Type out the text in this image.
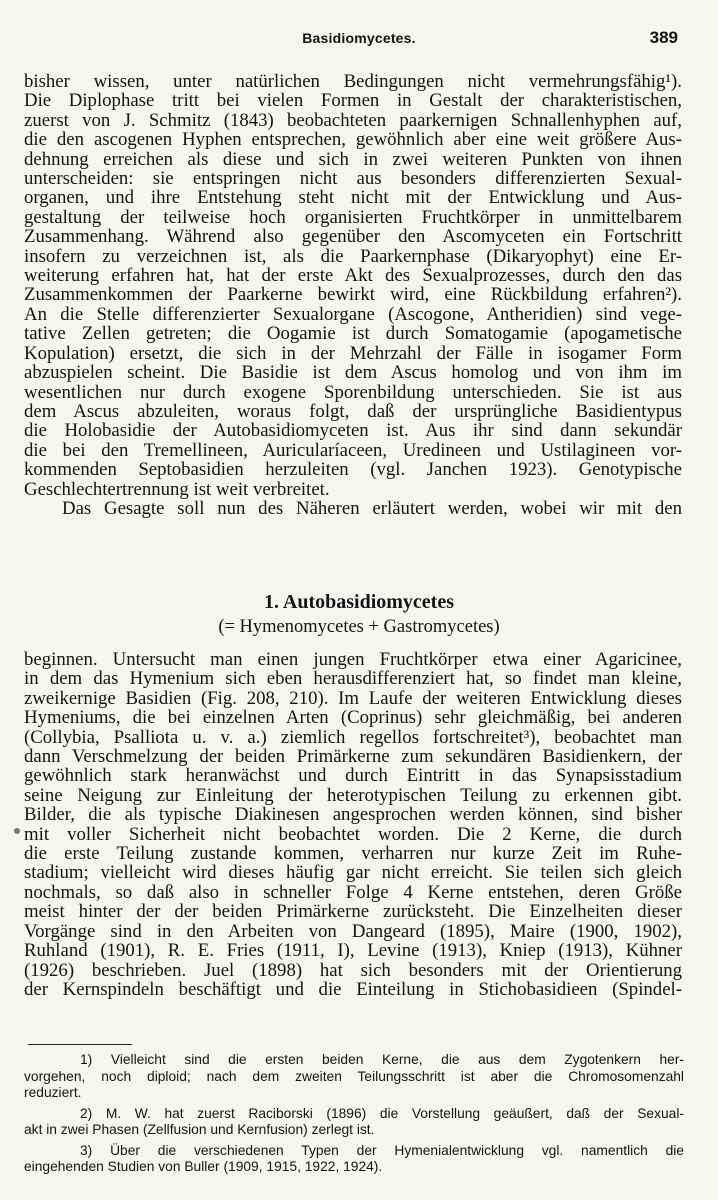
Basidiomycetes.	389
bisher wissen, unter natürlichen Bedingungen nicht vermehrungsfähig¹).
Die Diplophase tritt bei vielen Formen in Gestalt der charakteristischen,
zuerst von J. Schmitz (1843) beobachteten paarkernigen Schnallenhyphen auf,
die den ascogenen Hyphen entsprechen, gewöhnlich aber eine weit größere Aus-
dehnung erreichen als diese und sich in zwei weiteren Punkten von ihnen
unterscheiden: sie entspringen nicht aus besonders differenzierten Sexual-
organen, und ihre Entstehung steht nicht mit der Entwicklung und Aus-
gestaltung der teilweise hoch organisierten Fruchtkörper in unmittelbarem
Zusammenhang. Während also gegenüber den Ascomyceten ein Fortschritt
insofern zu verzeichnen ist, als die Paarkernphase (Dikaryophyt) eine Er-
weiterung erfahren hat, hat der erste Akt des Sexualprozesses, durch den das
Zusammenkommen der Paarkerne bewirkt wird, eine Rückbildung erfahren²).
An die Stelle differenzierter Sexualorgane (Ascogone, Antheridien) sind vege-
tative Zellen getreten; die Oogamie ist durch Somatogamie (apogametische
Kopulation) ersetzt, die sich in der Mehrzahl der Fälle in isogamer Form
abzuspielen scheint. Die Basidie ist dem Ascus homolog und von ihm im
wesentlichen nur durch exogene Sporenbildung unterschieden. Sie ist aus
dem Ascus abzuleiten, woraus folgt, daß der ursprüngliche Basidientypus
die Holobasidie der Autobasidiomyceten ist. Aus ihr sind dann sekundär
die bei den Tremellineen, Auricularíaceen, Uredineen und Ustilagineen vor-
kommenden Septobasidien herzuleiten (vgl. Janchen 1923). Genotypische
Geschlechtertrennung ist weit verbreitet.
Das Gesagte soll nun des Näheren erläutert werden, wobei wir mit den
1. Autobasidiomycetes
(= Hymenomycetes + Gastromycetes)
beginnen. Untersucht man einen jungen Fruchtkörper etwa einer Agaricinee,
in dem das Hymenium sich eben herausdifferenziert hat, so findet man kleine,
zweikernige Basidien (Fig. 208, 210). Im Laufe der weiteren Entwicklung dieses
Hymeniums, die bei einzelnen Arten (Coprinus) sehr gleichmäßig, bei anderen
(Collybia, Psalliota u. v. a.) ziemlich regellos fortschreitet³), beobachtet man
dann Verschmelzung der beiden Primärkerne zum sekundären Basidienkern, der
gewöhnlich stark heranwächst und durch Eintritt in das Synapsisstadium
seine Neigung zur Einleitung der heterotypischen Teilung zu erkennen gibt.
Bilder, die als typische Diakinesen angesprochen werden können, sind bisher
mit voller Sicherheit nicht beobachtet worden. Die 2 Kerne, die durch
die erste Teilung zustande kommen, verharren nur kurze Zeit im Ruhe-
stadium; vielleicht wird dieses häufig gar nicht erreicht. Sie teilen sich gleich
nochmals, so daß also in schneller Folge 4 Kerne entstehen, deren Größe
meist hinter der der beiden Primärkerne zurücksteht. Die Einzelheiten dieser
Vorgänge sind in den Arbeiten von Dangeard (1895), Maire (1900, 1902),
Ruhland (1901), R. E. Fries (1911, I), Levine (1913), Kniep (1913), Kühner
(1926) beschrieben. Juel (1898) hat sich besonders mit der Orientierung
der Kernspindeln beschäftigt und die Einteilung in Stichobasidieen (Spindel-
1) Vielleicht sind die ersten beiden Kerne, die aus dem Zygotenkern her-
vorgehen, noch diploid; nach dem zweiten Teilungsschritt ist aber die Chromosomenzahl
reduziert.
2) M. W. hat zuerst Raciborski (1896) die Vorstellung geäußert, daß der Sexual-
akt in zwei Phasen (Zellfusion und Kernfusion) zerlegt ist.
3) Über die verschiedenen Typen der Hymenialentwicklung vgl. namentlich die
eingehenden Studien von Buller (1909, 1915, 1922, 1924).
